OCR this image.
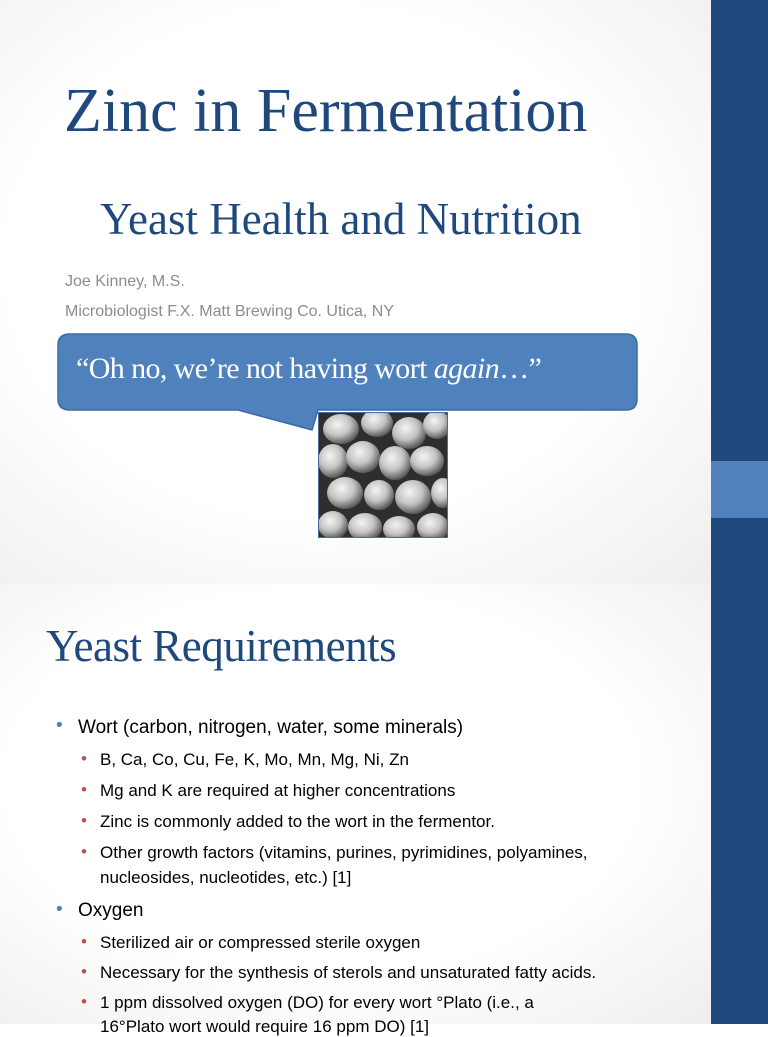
Zinc in Fermentation
Yeast Health and Nutrition
Joe Kinney, M.S.
Microbiologist F.X. Matt Brewing Co. Utica, NY
“Oh no, we’re not having wort again…”
Yeast Requirements
• Wort (carbon, nitrogen, water, some minerals)
• B, Ca, Co, Cu, Fe, K, Mo, Mn, Mg, Ni, Zn
• Mg and K are required at higher concentrations
• Zinc is commonly added to the wort in the fermentor.
• Other growth factors (vitamins, purines, pyrimidines, polyamines,
nucleosides, nucleotides, etc.) [1]
• Oxygen
• Sterilized air or compressed sterile oxygen
• Necessary for the synthesis of sterols and unsaturated fatty acids.
• 1 ppm dissolved oxygen (DO) for every wort °Plato (i.e., a
16°Plato wort would require 16 ppm DO) [1]
